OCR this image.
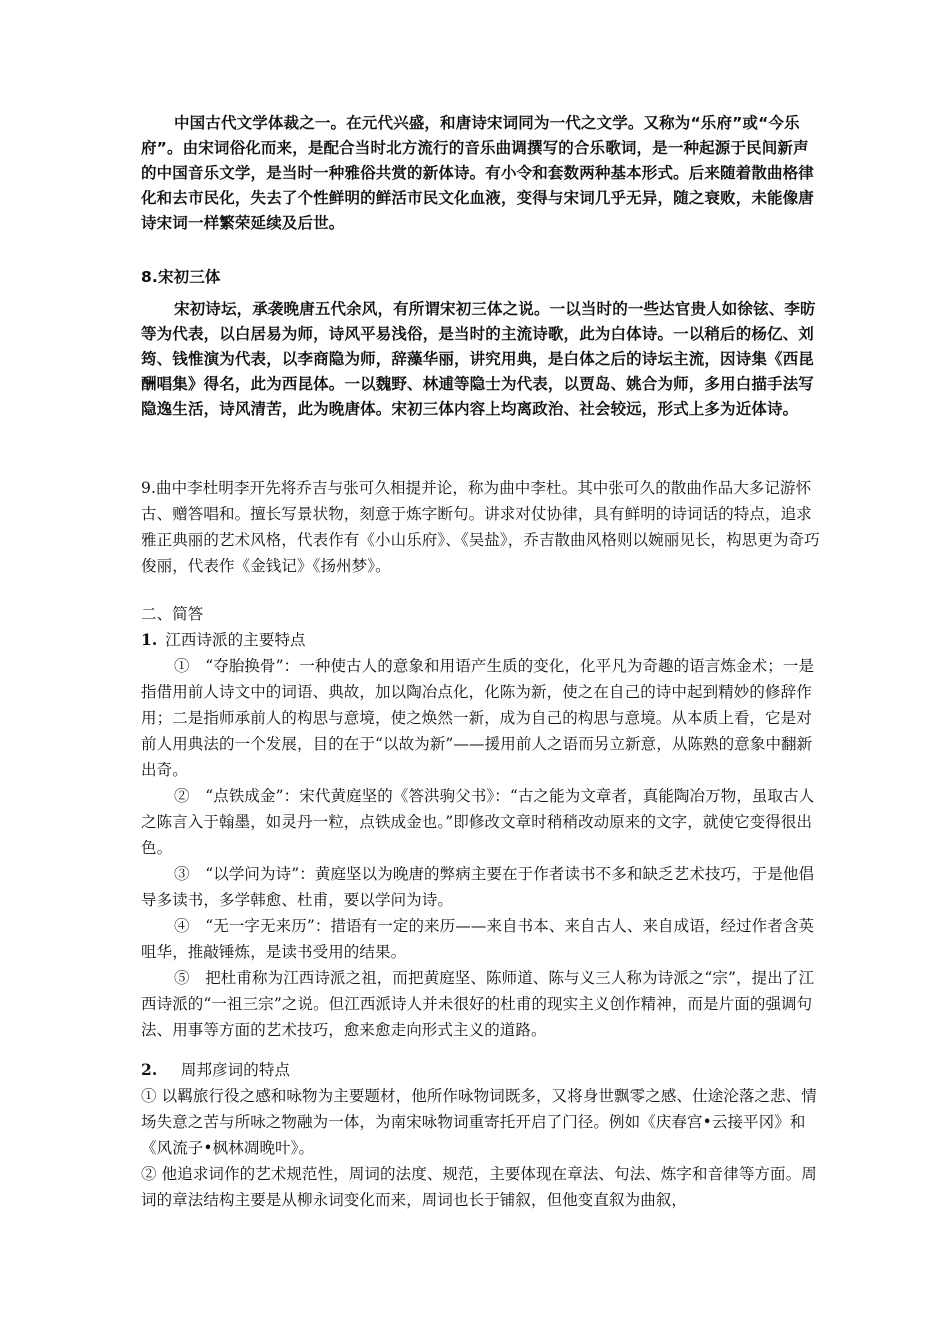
中国古代文学体裁之一。在元代兴盛，和唐诗宋词同为一代之文学。又称为“乐府”或“今乐府”。由宋词俗化而来，是配合当时北方流行的音乐曲调撰写的合乐歌词，是一种起源于民间新声的中国音乐文学，是当时一种雅俗共赏的新体诗。有小令和套数两种基本形式。后来随着散曲格律化和去市民化，失去了个性鲜明的鲜活市民文化血液，变得与宋词几乎无异，随之衰败，未能像唐诗宋词一样繁荣延续及后世。

8.宋初三体

宋初诗坛，承袭晚唐五代余风，有所谓宋初三体之说。一以当时的一些达官贵人如徐铉、李昉等为代表，以白居易为师，诗风平易浅俗，是当时的主流诗歌，此为白体诗。一以稍后的杨亿、刘筠、钱惟演为代表，以李商隐为师，辞藻华丽，讲究用典，是白体之后的诗坛主流，因诗集《西昆酬唱集》得名，此为西昆体。一以魏野、林逋等隐士为代表，以贾岛、姚合为师，多用白描手法写隐逸生活，诗风清苦，此为晚唐体。宋初三体内容上均离政治、社会较远，形式上多为近体诗。

9.曲中李杜明李开先将乔吉与张可久相提并论，称为曲中李杜。其中张可久的散曲作品大多记游怀古、赠答唱和。擅长写景状物，刻意于炼字断句。讲求对仗协律，具有鲜明的诗词话的特点，追求雅正典丽的艺术风格，代表作有《小山乐府》、《吴盐》，乔吉散曲风格则以婉丽见长，构思更为奇巧俊丽，代表作《金钱记》《扬州梦》。

二、简答

1.  江西诗派的主要特点

①　“夺胎换骨”：一种使古人的意象和用语产生质的变化，化平凡为奇趣的语言炼金术；一是指借用前人诗文中的词语、典故，加以陶冶点化，化陈为新，使之在自己的诗中起到精妙的修辞作用；二是指师承前人的构思与意境，使之焕然一新，成为自己的构思与意境。从本质上看，它是对前人用典法的一个发展，目的在于“以故为新”——援用前人之语而另立新意，从陈熟的意象中翻新出奇。

②　“点铁成金”：宋代黄庭坚的《答洪驹父书》：“古之能为文章者，真能陶冶万物，虽取古人之陈言入于翰墨，如灵丹一粒，点铁成金也。”即修改文章时稍稍改动原来的文字，就使它变得很出色。

③　“以学问为诗”：黄庭坚以为晚唐的弊病主要在于作者读书不多和缺乏艺术技巧，于是他倡导多读书，多学韩愈、杜甫，要以学问为诗。

④　“无一字无来历”：措语有一定的来历——来自书本、来自古人、来自成语，经过作者含英咀华，推敲锤炼，是读书受用的结果。

⑤　把杜甫称为江西诗派之祖，而把黄庭坚、陈师道、陈与义三人称为诗派之“宗”，提出了江西诗派的“一祖三宗”之说。但江西派诗人并未很好的杜甫的现实主义创作精神，而是片面的强调句法、用事等方面的艺术技巧，愈来愈走向形式主义的道路。

2.   周邦彦词的特点

① 以羁旅行役之感和咏物为主要题材，他所作咏物词既多，又将身世飘零之感、仕途沦落之悲、情场失意之苦与所咏之物融为一体，为南宋咏物词重寄托开启了门径。例如《庆春宫•云接平冈》和《风流子•枫林凋晚叶》。

② 他追求词作的艺术规范性，周词的法度、规范，主要体现在章法、句法、炼字和音律等方面。周词的章法结构主要是从柳永词变化而来，周词也长于铺叙，但他变直叙为曲叙，
